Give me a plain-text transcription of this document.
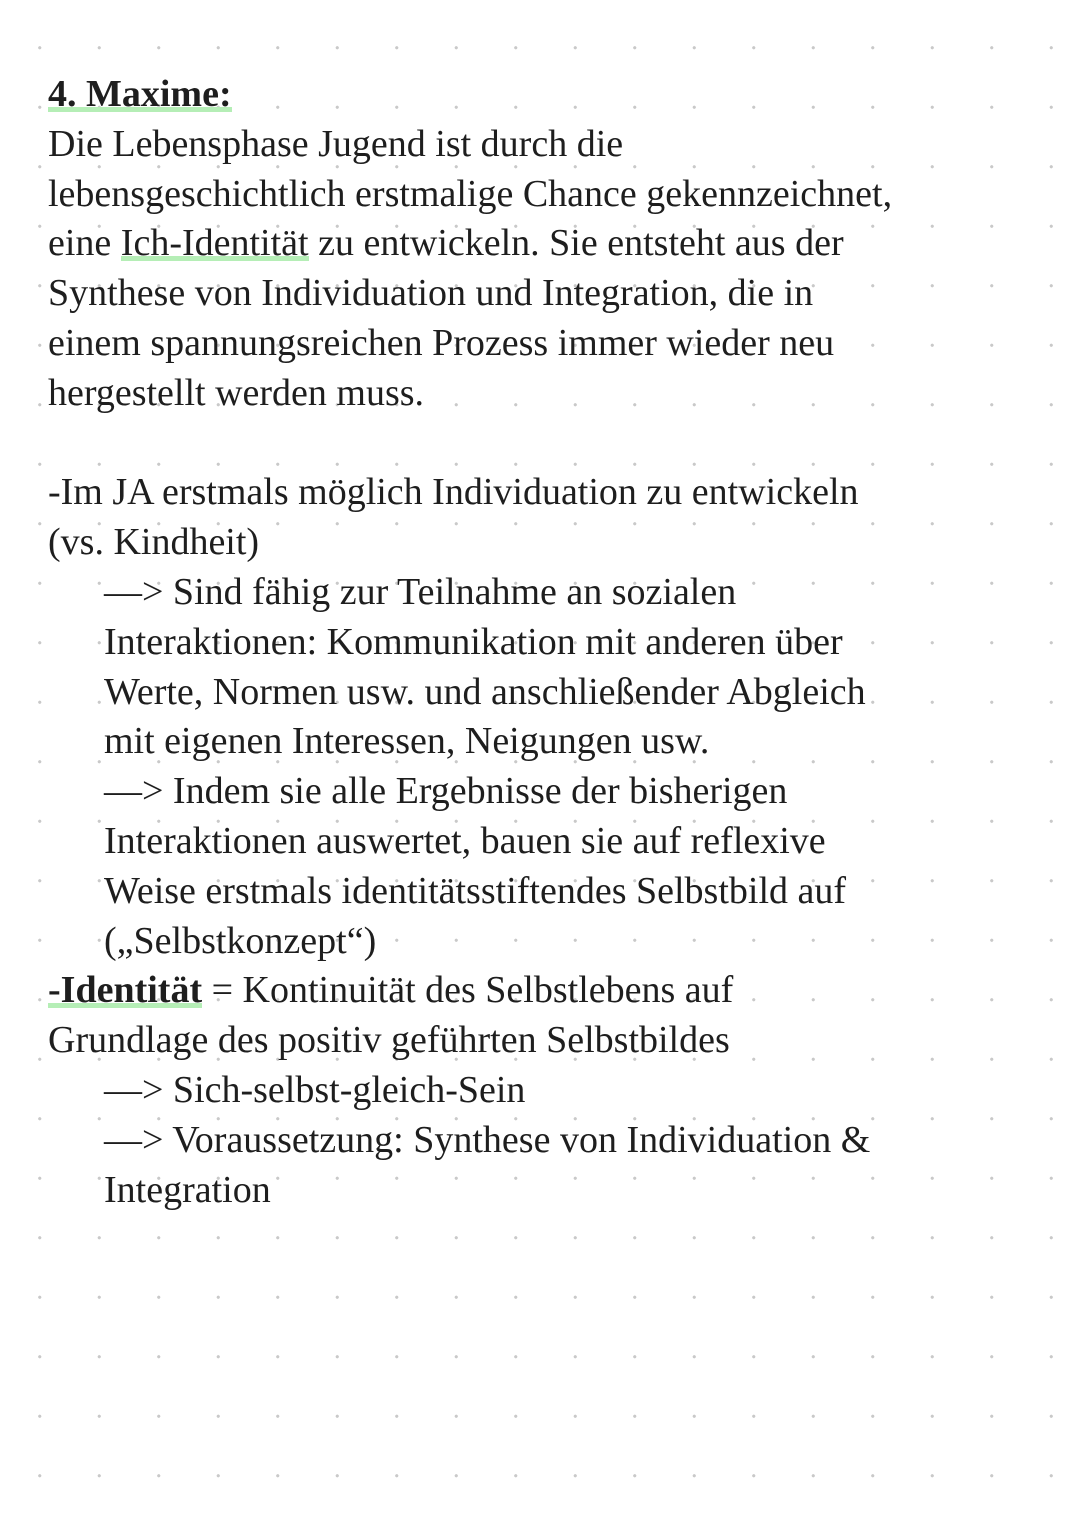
4. Maxime:
Die Lebensphase Jugend ist durch die
lebensgeschichtlich erstmalige Chance gekennzeichnet,
eine Ich-Identität zu entwickeln. Sie entsteht aus der
Synthese von Individuation und Integration, die in
einem spannungsreichen Prozess immer wieder neu
hergestellt werden muss.
-Im JA erstmals möglich Individuation zu entwickeln
(vs. Kindheit)
—> Sind fähig zur Teilnahme an sozialen
Interaktionen: Kommunikation mit anderen über
Werte, Normen usw. und anschließender Abgleich
mit eigenen Interessen, Neigungen usw.
—> Indem sie alle Ergebnisse der bisherigen
Interaktionen auswertet, bauen sie auf reflexive
Weise erstmals identitätsstiftendes Selbstbild auf
(„Selbstkonzept“)
-Identität = Kontinuität des Selbstlebens auf
Grundlage des positiv geführten Selbstbildes
—> Sich-selbst-gleich-Sein
—> Voraussetzung: Synthese von Individuation &
Integration
